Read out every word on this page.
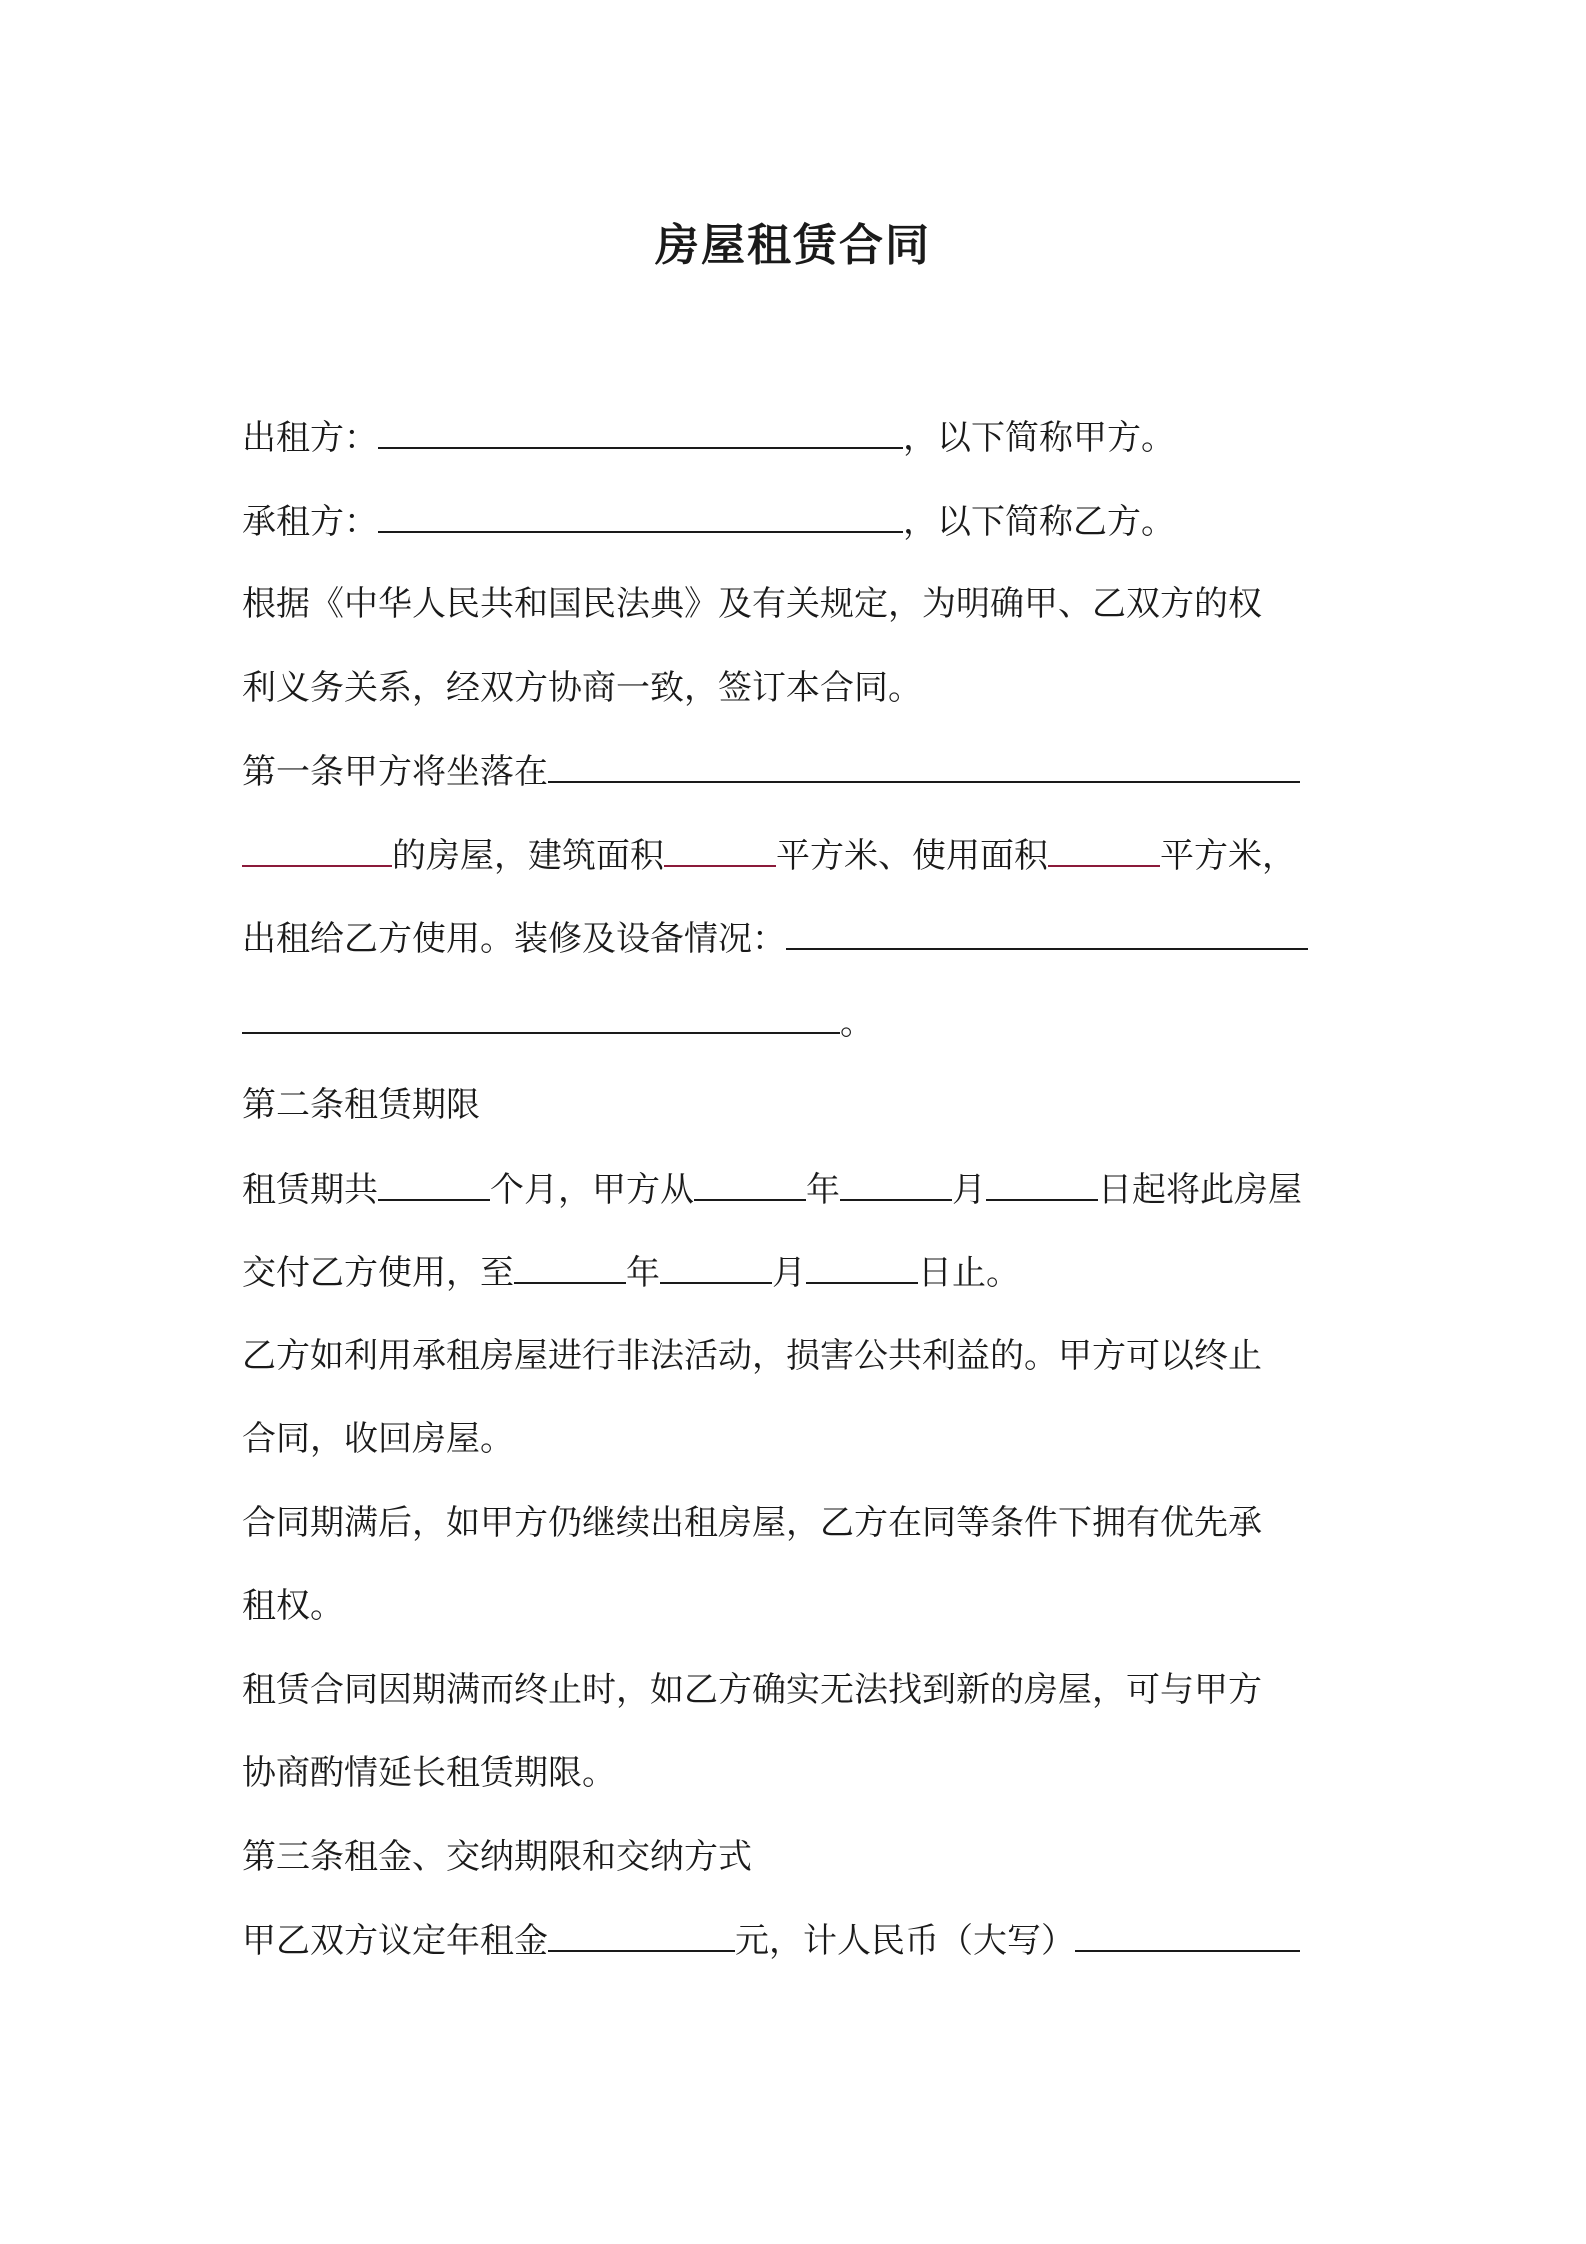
房屋租赁合同
出租方：	，以下简称甲方。
承租方：	，以下简称乙方。
根据《中华人民共和国民法典》及有关规定，为明确甲、乙双方的权
利义务关系，经双方协商一致，签订本合同。
第一条甲方将坐落在
的房屋，建筑面积	平方米、使用面积	平方米，
出租给乙方使用。装修及设备情况：
。
第二条租赁期限
租赁期共	个月，甲方从	年	月	日起将此房屋
交付乙方使用，至	年	月	日止。
乙方如利用承租房屋进行非法活动，损害公共利益的。甲方可以终止
合同，收回房屋。
合同期满后，如甲方仍继续出租房屋，乙方在同等条件下拥有优先承
租权。
租赁合同因期满而终止时，如乙方确实无法找到新的房屋，可与甲方
协商酌情延长租赁期限。
第三条租金、交纳期限和交纳方式
甲乙双方议定年租金	元，计人民币（大写）
